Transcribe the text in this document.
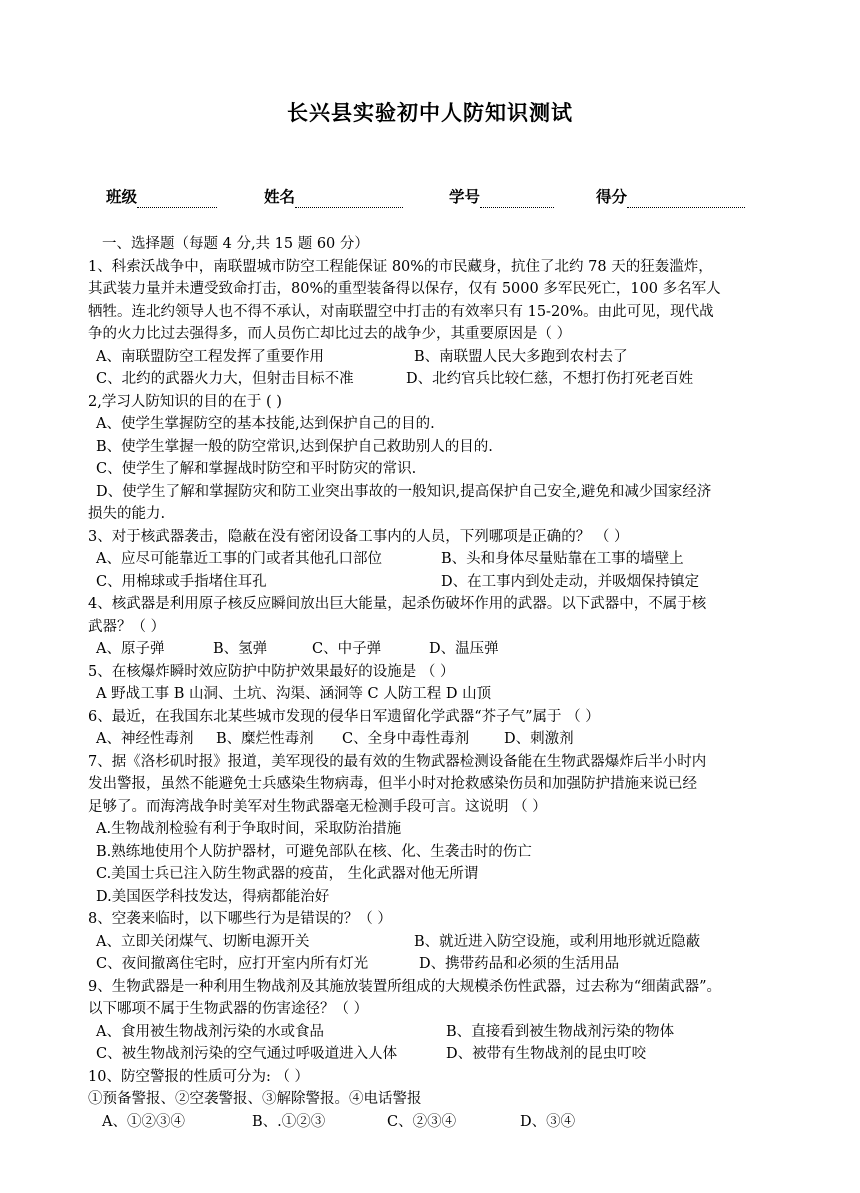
长兴县实验初中人防知识测试
班级	姓名	学号	得分
一、选择题（每题 4 分,共 15 题 60 分）
1、科索沃战争中，南联盟城市防空工程能保证 80%的市民藏身，抗住了北约 78 天的狂轰滥炸，
其武装力量并未遭受致命打击，80%的重型装备得以保存，仅有 5000 多军民死亡，100 多名军人
牺牲。连北约领导人也不得不承认，对南联盟空中打击的有效率只有 15-20%。由此可见，现代战
争的火力比过去强得多，而人员伤亡却比过去的战争少，其重要原因是（ ）
A、南联盟防空工程发挥了重要作用	B、南联盟人民大多跑到农村去了
C、北约的武器火力大，但射击目标不准	D、北约官兵比较仁慈，不想打伤打死老百姓
2,学习人防知识的目的在于 ( )
A、使学生掌握防空的基本技能,达到保护自己的目的.
B、使学生掌握一般的防空常识,达到保护自己救助别人的目的.
C、使学生了解和掌握战时防空和平时防灾的常识.
D、使学生了解和掌握防灾和防工业突出事故的一般知识,提高保护自己安全,避免和减少国家经济
损失的能力.
3、对于核武器袭击，隐蔽在没有密闭设备工事内的人员，下列哪项是正确的？ （ ）
A、应尽可能靠近工事的门或者其他孔口部位	B、头和身体尽量贴靠在工事的墙壁上
C、用棉球或手指堵住耳孔	D、在工事内到处走动，并吸烟保持镇定
4、核武器是利用原子核反应瞬间放出巨大能量，起杀伤破坏作用的武器。以下武器中，不属于核
武器？（ ）
A、原子弹	B、氢弹	C、中子弹	D、温压弹
5、在核爆炸瞬时效应防护中防护效果最好的设施是 （ ）
A 野战工事 B 山洞、土坑、沟渠、涵洞等 C 人防工程 D 山顶
6、最近，在我国东北某些城市发现的侵华日军遗留化学武器“芥子气”属于 （ ）
A、神经性毒剂 B、糜烂性毒剂 C、全身中毒性毒剂 D、刺激剂
7、据《洛杉矶时报》报道，美军现役的最有效的生物武器检测设备能在生物武器爆炸后半小时内
发出警报，虽然不能避免士兵感染生物病毒，但半小时对抢救感染伤员和加强防护措施来说已经
足够了。而海湾战争时美军对生物武器毫无检测手段可言。这说明 （ ）
A.生物战剂检验有利于争取时间，采取防治措施
B.熟练地使用个人防护器材，可避免部队在核、化、生袭击时的伤亡
C.美国士兵已注入防生物武器的疫苗， 生化武器对他无所谓
D.美国医学科技发达，得病都能治好
8、空袭来临时，以下哪些行为是错误的？（ ）
A、立即关闭煤气、切断电源开关	B、就近进入防空设施，或利用地形就近隐蔽
C、夜间撤离住宅时，应打开室内所有灯光	D、携带药品和必须的生活用品
9、生物武器是一种利用生物战剂及其施放装置所组成的大规模杀伤性武器，过去称为“细菌武器”。
以下哪项不属于生物武器的伤害途径？（ ）
A、食用被生物战剂污染的水或食品	B、直接看到被生物战剂污染的物体
C、被生物战剂污染的空气通过呼吸道进入人体	D、被带有生物战剂的昆虫叮咬
10、防空警报的性质可分为: （ ）
①预备警报、②空袭警报、③解除警报。④电话警报
A、①②③④	B、.①②③	C、②③④	D、③④
